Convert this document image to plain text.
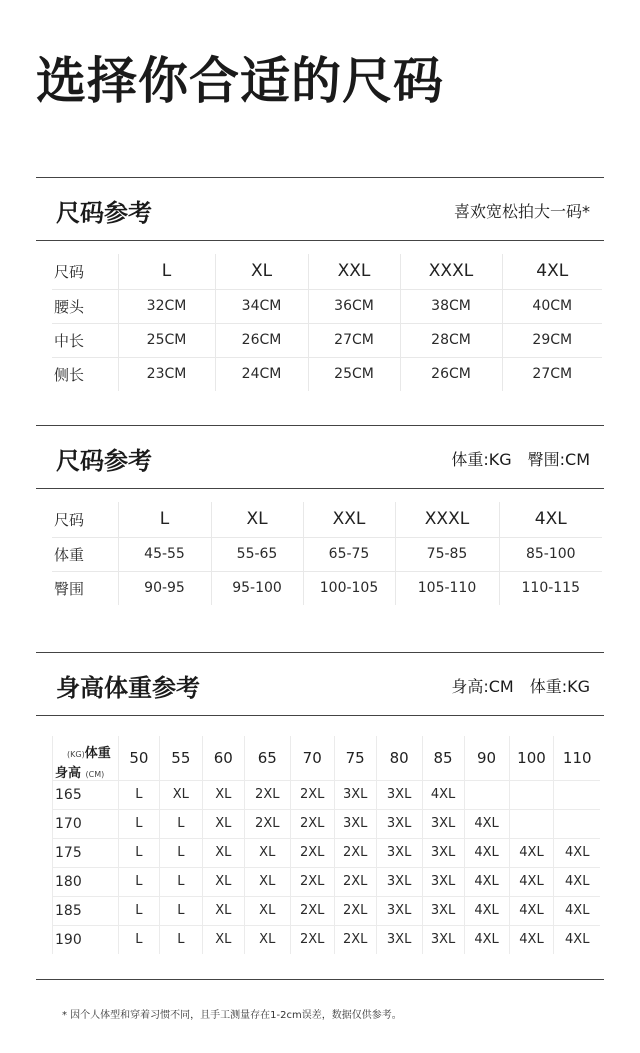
选择你合适的尺码
尺码参考	喜欢宽松拍大一码*
尺码	L	XL	XXL	XXXL	4XL
腰头	32CM	34CM	36CM	38CM	40CM
中长	25CM	26CM	27CM	28CM	29CM
侧长	23CM	24CM	25CM	26CM	27CM
尺码参考	体重:KG 臀围:CM
尺码	L	XL	XXL	XXXL	4XL
体重	45-55	55-65	65-75	75-85	85-100
臀围	90-95	95-100	100-105	105-110	110-115
身高体重参考	身高:CM 体重:KG
(KG)体重
身高 (CM)	50	55	60	65	70	75	80	85	90	100	110
165	L	XL	XL	2XL	2XL	3XL	3XL	4XL			
170	L	L	XL	2XL	2XL	3XL	3XL	3XL	4XL		
175	L	L	XL	XL	2XL	2XL	3XL	3XL	4XL	4XL	4XL
180	L	L	XL	XL	2XL	2XL	3XL	3XL	4XL	4XL	4XL
185	L	L	XL	XL	2XL	2XL	3XL	3XL	4XL	4XL	4XL
190	L	L	XL	XL	2XL	2XL	3XL	3XL	4XL	4XL	4XL
* 因个人体型和穿着习惯不同，且手工测量存在1-2cm误差，数据仅供参考。
